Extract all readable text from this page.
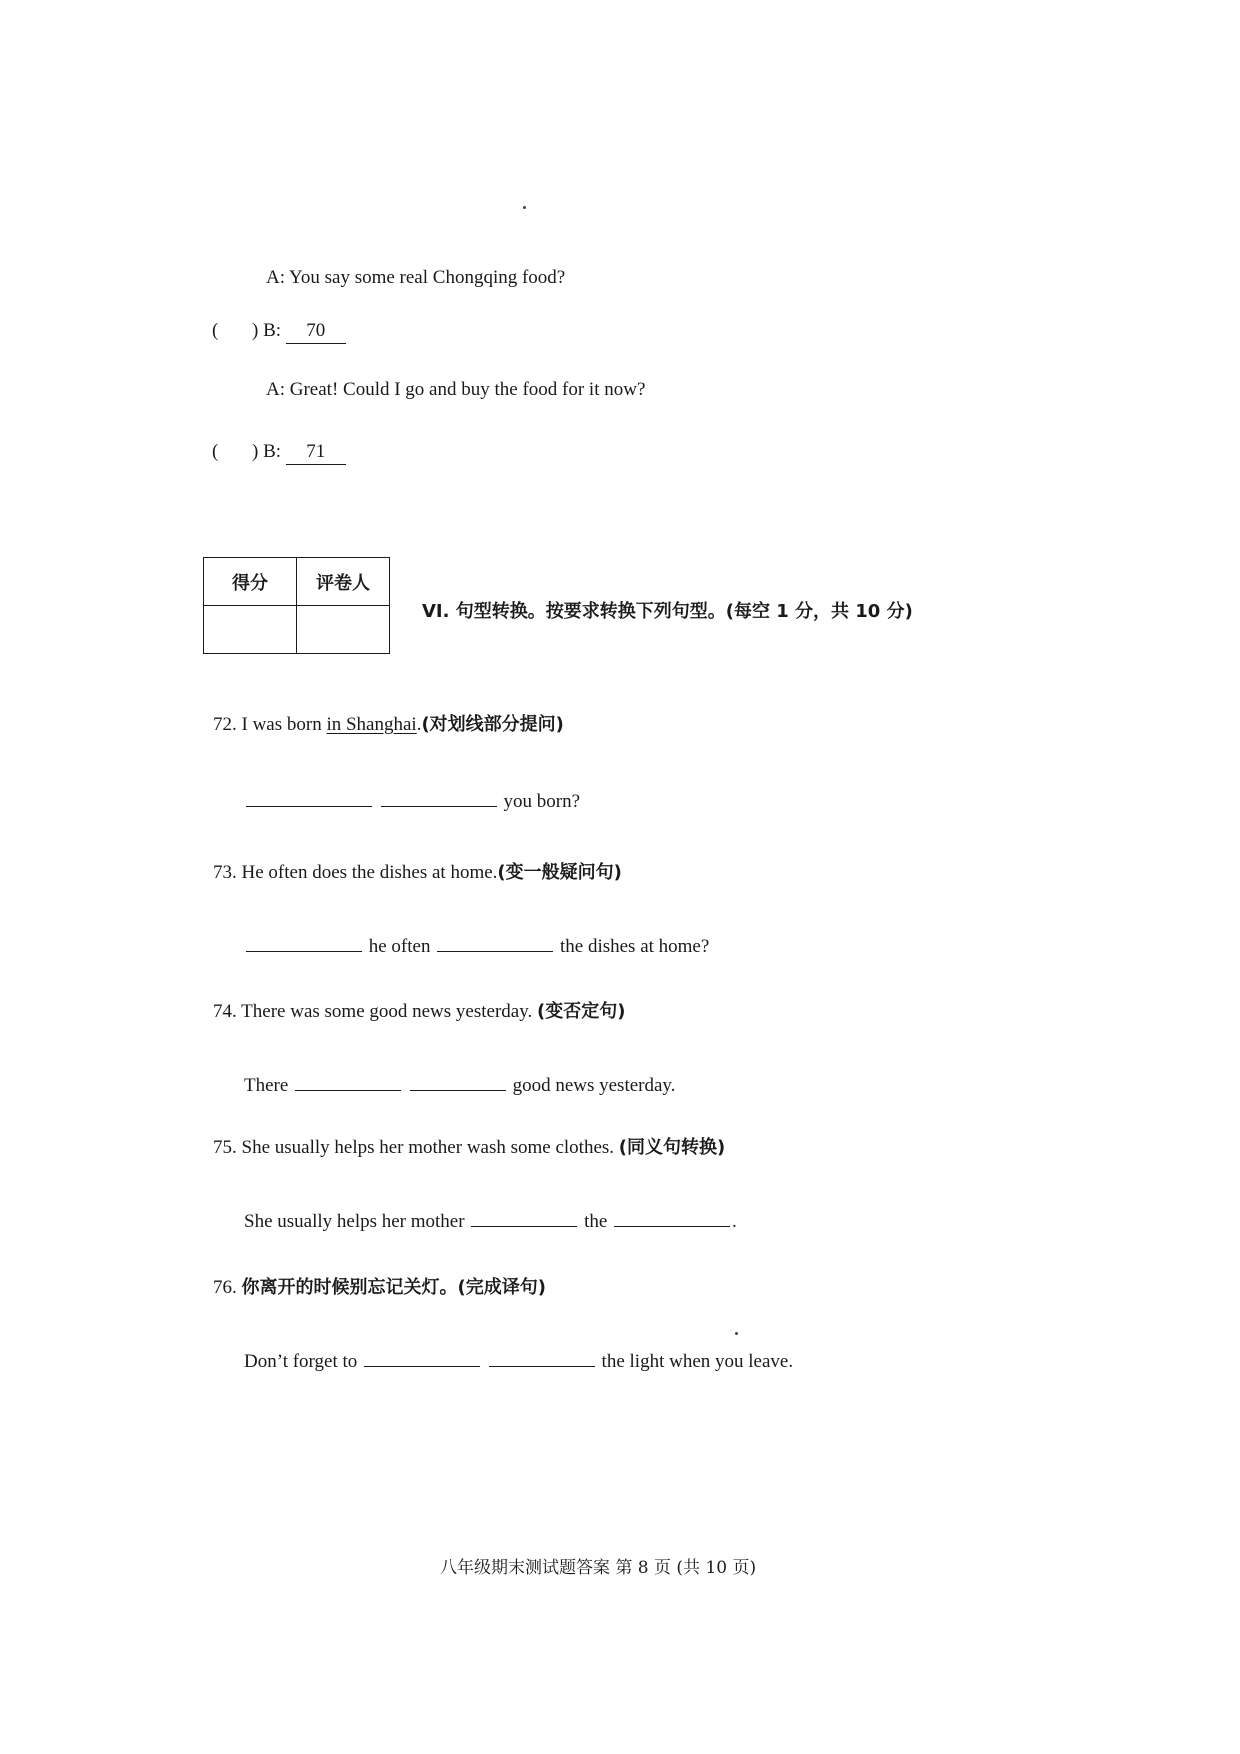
A: You say some real Chongqing food?
( ) B: 70
A: Great! Could I go and buy the food for it now?
( ) B: 71
得分	评卷人

VI. 句型转换。按要求转换下列句型。(每空 1 分，共 10 分)
72. I was born in Shanghai.(对划线部分提问)
you born?
73. He often does the dishes at home.(变一般疑问句)
he often	the dishes at home?
74. There was some good news yesterday. (变否定句)
There	good news yesterday.
75. She usually helps her mother wash some clothes. (同义句转换)
She usually helps her mother	the	.
76. 你离开的时候别忘记关灯。(完成译句)
Don’t forget to	the light when you leave.
八年级期末测试题答案 第 8 页 (共 10 页)
